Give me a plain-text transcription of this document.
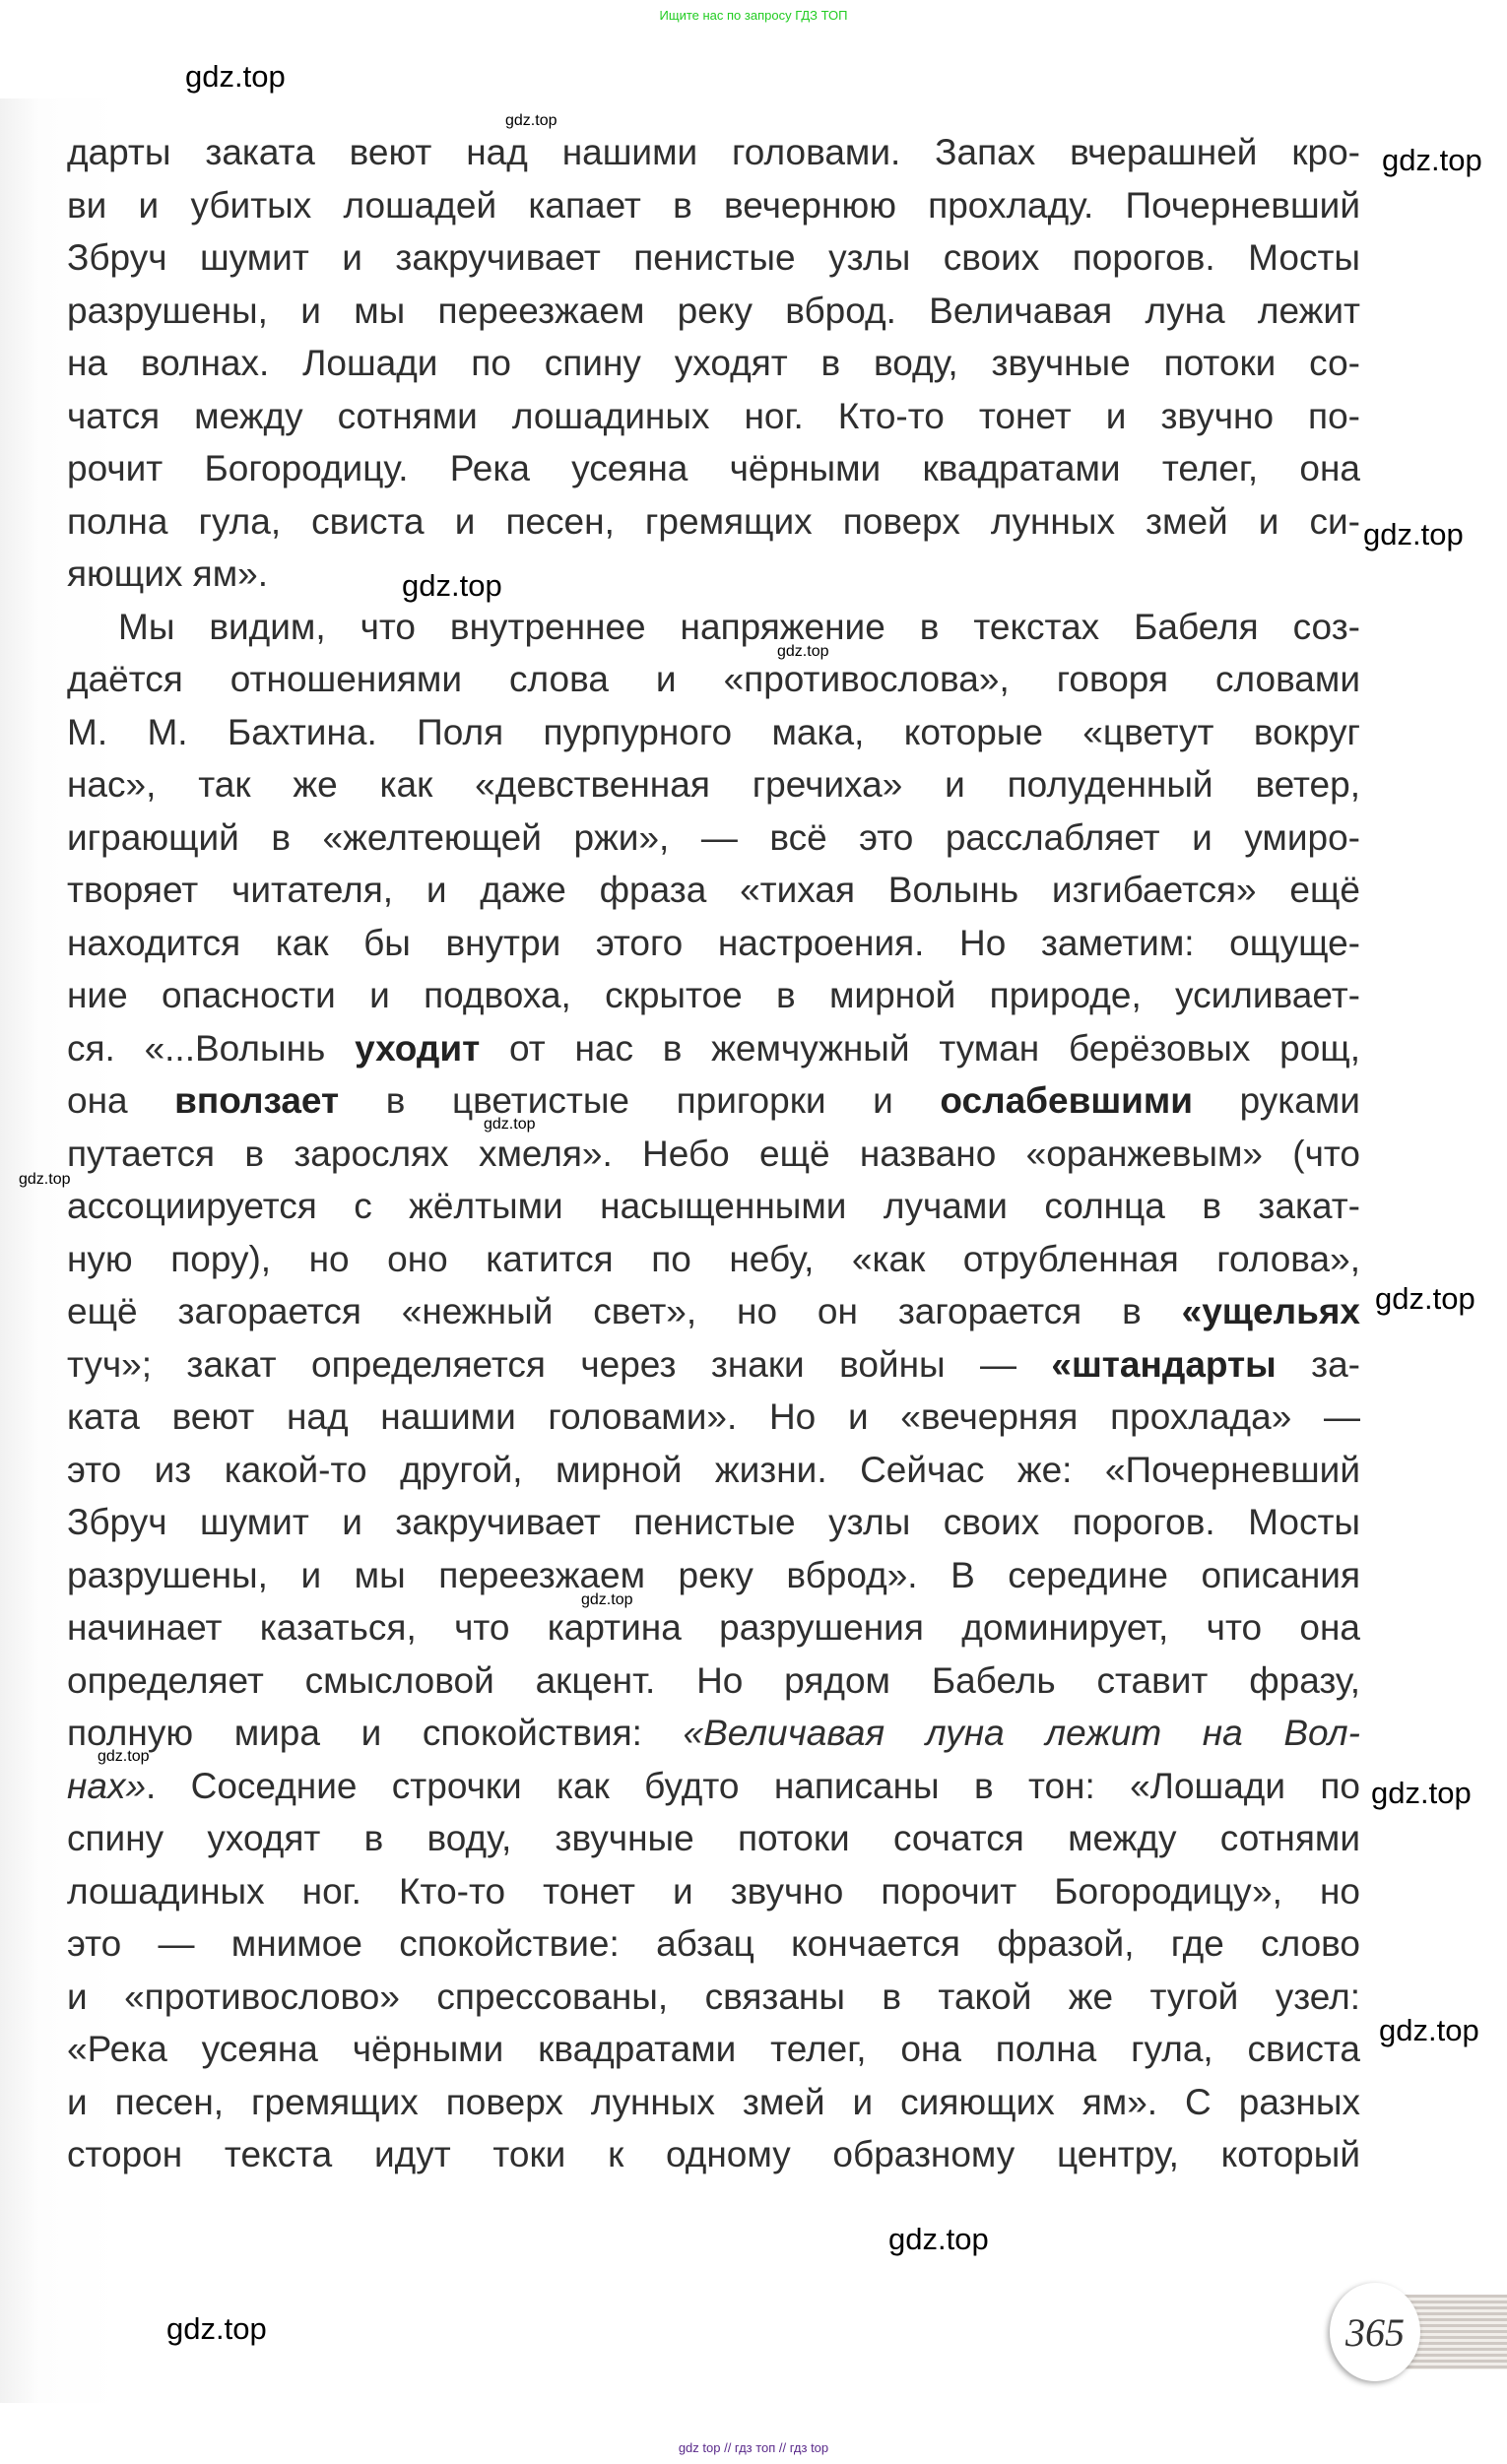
Ищите нас по запросу ГДЗ ТОП
дарты заката веют над нашими головами. Запах вчерашней кро-
ви и убитых лошадей капает в вечернюю прохладу. Почерневший
Збруч шумит и закручивает пенистые узлы своих порогов. Мосты
разрушены, и мы переезжаем реку вброд. Величавая луна лежит
на волнах. Лошади по спину уходят в воду, звучные потоки со-
чатся между сотнями лошадиных ног. Кто-то тонет и звучно по-
рочит Богородицу. Река усеяна чёрными квадратами телег, она
полна гула, свиста и песен, гремящих поверх лунных змей и си-
яющих ям».
Мы видим, что внутреннее напряжение в текстах Бабеля соз-
даётся отношениями слова и «противослова», говоря словами
М. М. Бахтина. Поля пурпурного мака, которые «цветут вокруг
нас», так же как «девственная гречиха» и полуденный ветер,
играющий в «желтеющей ржи», — всё это расслабляет и умиро-
творяет читателя, и даже фраза «тихая Волынь изгибается» ещё
находится как бы внутри этого настроения. Но заметим: ощуще-
ние опасности и подвоха, скрытое в мирной природе, усиливает-
ся. «...Волынь уходит от нас в жемчужный туман берёзовых рощ,
она вползает в цветистые пригорки и ослабевшими руками
путается в зарослях хмеля». Небо ещё названо «оранжевым» (что
ассоциируется с жёлтыми насыщенными лучами солнца в закат-
ную пору), но оно катится по небу, «как отрубленная голова»,
ещё загорается «нежный свет», но он загорается в «ущельях
туч»; закат определяется через знаки войны — «штандарты за-
ката веют над нашими головами». Но и «вечерняя прохлада» —
это из какой-то другой, мирной жизни. Сейчас же: «Почерневший
Збруч шумит и закручивает пенистые узлы своих порогов. Мосты
разрушены, и мы переезжаем реку вброд». В середине описания
начинает казаться, что картина разрушения доминирует, что она
определяет смысловой акцент. Но рядом Бабель ставит фразу,
полную мира и спокойствия: «Величавая луна лежит на Вол-
нах». Соседние строчки как будто написаны в тон: «Лошади по
спину уходят в воду, звучные потоки сочатся между сотнями
лошадиных ног. Кто-то тонет и звучно порочит Богородицу», но
это — мнимое спокойствие: абзац кончается фразой, где слово
и «противослово» спрессованы, связаны в такой же тугой узел:
«Река усеяна чёрными квадратами телег, она полна гула, свиста
и песен, гремящих поверх лунных змей и сияющих ям». С разных
сторон текста идут токи к одному образному центру, который
gdz.top
gdz.top
gdz.top
gdz.top
gdz.top
gdz.top
gdz.top
gdz.top
gdz.top
gdz.top
gdz.top
gdz.top
gdz.top
gdz.top
gdz.top	365
gdz top // гдз топ // гдз top
